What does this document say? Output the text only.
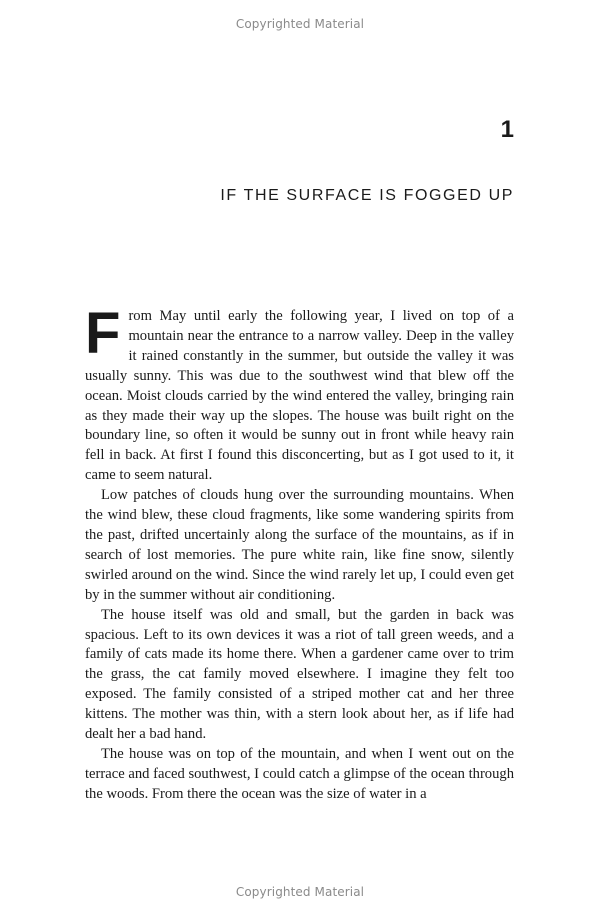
Copyrighted Material
1
IF THE SURFACE IS FOGGED UP

From May until early the following year, I lived on top of a mountain near the entrance to a narrow valley. Deep in the valley it rained constantly in the summer, but outside the valley it was usually sunny. This was due to the southwest wind that blew off the ocean. Moist clouds carried by the wind entered the valley, bringing rain as they made their way up the slopes. The house was built right on the boundary line, so often it would be sunny out in front while heavy rain fell in back. At first I found this disconcerting, but as I got used to it, it came to seem natural.

Low patches of clouds hung over the surrounding mountains. When the wind blew, these cloud fragments, like some wandering spirits from the past, drifted uncertainly along the surface of the mountains, as if in search of lost memories. The pure white rain, like fine snow, silently swirled around on the wind. Since the wind rarely let up, I could even get by in the summer without air conditioning.

The house itself was old and small, but the garden in back was spacious. Left to its own devices it was a riot of tall green weeds, and a family of cats made its home there. When a gardener came over to trim the grass, the cat family moved elsewhere. I imagine they felt too exposed. The family consisted of a striped mother cat and her three kittens. The mother was thin, with a stern look about her, as if life had dealt her a bad hand.

The house was on top of the mountain, and when I went out on the terrace and faced southwest, I could catch a glimpse of the ocean through the woods. From there the ocean was the size of water in a

Copyrighted Material
